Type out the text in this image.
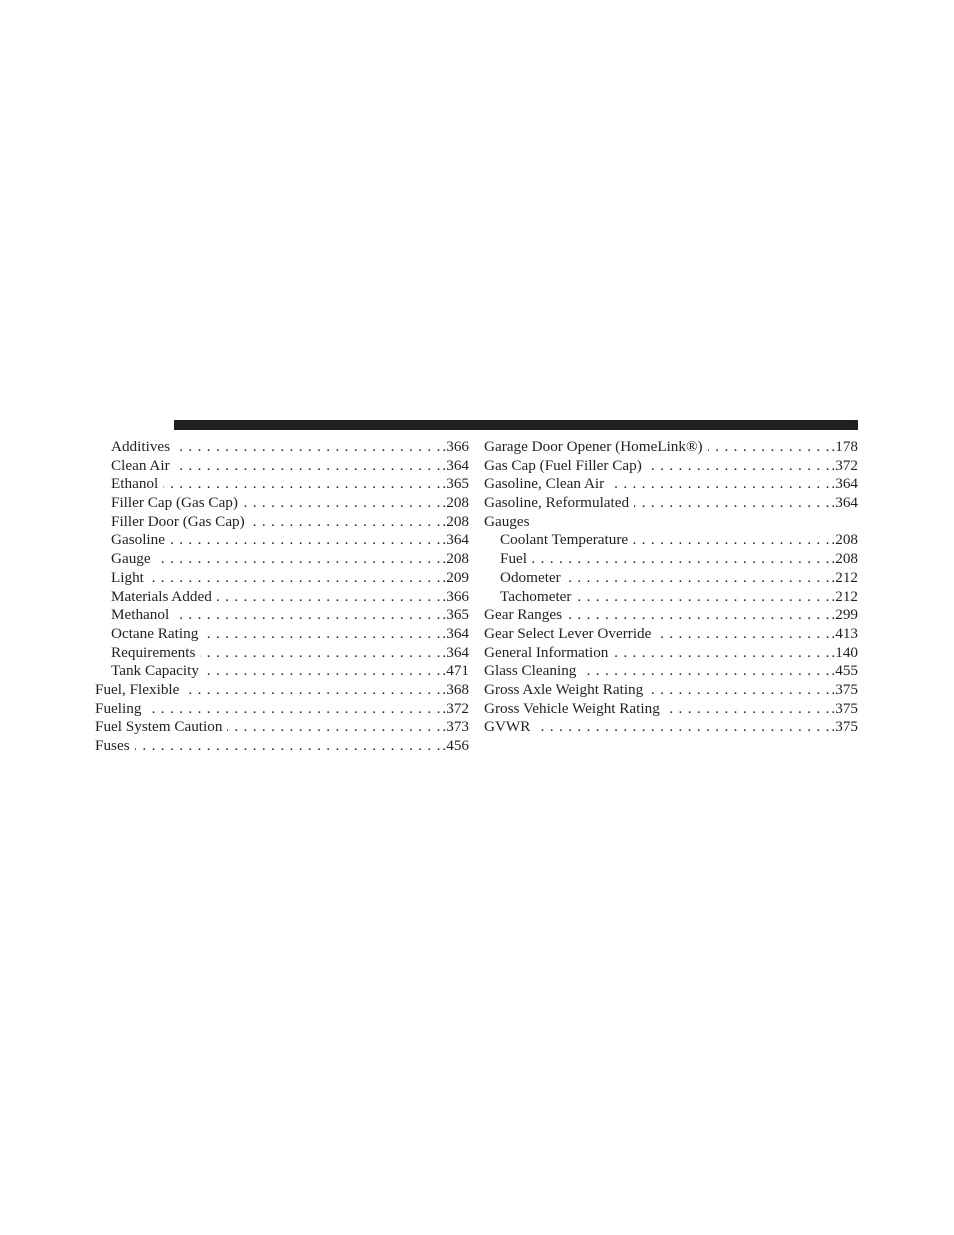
Additives . . .	.366
Clean Air . . .	.364
Ethanol . . .	.365
Filler Cap (Gas Cap) . . .	.208
Filler Door (Gas Cap) . . .	.208
Gasoline . . .	.364
Gauge . . .	.208
Light . . .	.209
Materials Added . . .	.366
Methanol . . .	.365
Octane Rating . . .	.364
Requirements . . .	.364
Tank Capacity . . .	.471
Fuel, Flexible . . .	.368
Fueling . . .	.372
Fuel System Caution . . .	.373
Fuses . . .	.456
Garage Door Opener (HomeLink®) . . .	.178
Gas Cap (Fuel Filler Cap) . . .	.372
Gasoline, Clean Air . . .	.364
Gasoline, Reformulated . . .	.364
Gauges
Coolant Temperature . . .	.208
Fuel . . .	.208
Odometer . . .	.212
Tachometer . . .	.212
Gear Ranges . . .	.299
Gear Select Lever Override . . .	.413
General Information . . .	.140
Glass Cleaning . . .	.455
Gross Axle Weight Rating . . .	.375
Gross Vehicle Weight Rating . . .	.375
GVWR . . .	.375
